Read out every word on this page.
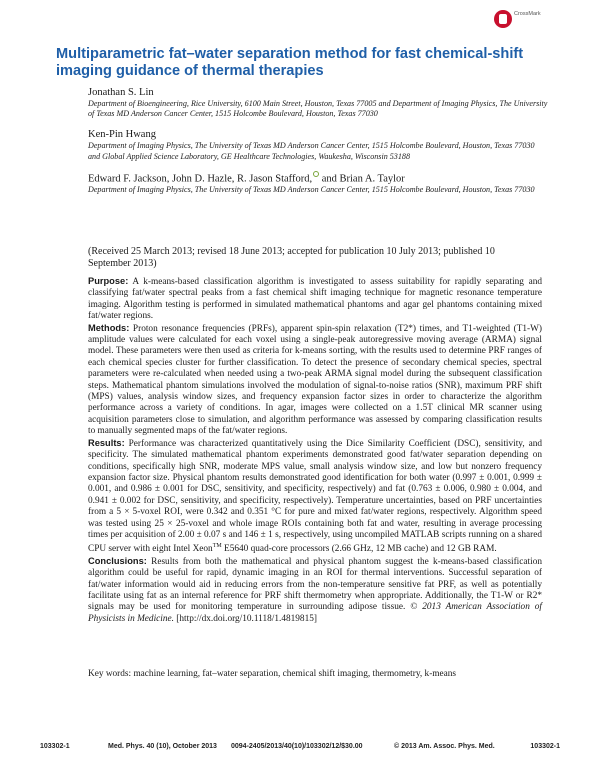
CrossMark
Multiparametric fat–water separation method for fast chemical-shift imaging guidance of thermal therapies
Jonathan S. Lin
Department of Bioengineering, Rice University, 6100 Main Street, Houston, Texas 77005 and Department of Imaging Physics, The University of Texas MD Anderson Cancer Center, 1515 Holcombe Boulevard, Houston, Texas 77030
Ken-Pin Hwang
Department of Imaging Physics, The University of Texas MD Anderson Cancer Center, 1515 Holcombe Boulevard, Houston, Texas 77030 and Global Applied Science Laboratory, GE Healthcare Technologies, Waukesha, Wisconsin 53188
Edward F. Jackson, John D. Hazle, R. Jason Stafford, and Brian A. Taylor
Department of Imaging Physics, The University of Texas MD Anderson Cancer Center, 1515 Holcombe Boulevard, Houston, Texas 77030
(Received 25 March 2013; revised 18 June 2013; accepted for publication 10 July 2013; published 10 September 2013)

Purpose: A k-means-based classification algorithm is investigated to assess suitability for rapidly separating and classifying fat/water spectral peaks from a fast chemical shift imaging technique for magnetic resonance temperature imaging. Algorithm testing is performed in simulated mathematical phantoms and agar gel phantoms containing mixed fat/water regions.

Methods: Proton resonance frequencies (PRFs), apparent spin-spin relaxation (T2*) times, and T1-weighted (T1-W) amplitude values were calculated for each voxel using a single-peak autoregressive moving average (ARMA) signal model. These parameters were then used as criteria for k-means sorting, with the results used to determine PRF ranges of each chemical species cluster for further classification. To detect the presence of secondary chemical species, spectral parameters were re-calculated when needed using a two-peak ARMA signal model during the subsequent classification steps. Mathematical phantom simulations involved the modulation of signal-to-noise ratios (SNR), maximum PRF shift (MPS) values, analysis window sizes, and frequency expansion factor sizes in order to characterize the algorithm performance across a variety of conditions. In agar, images were collected on a 1.5T clinical MR scanner using acquisition parameters close to simulation, and algorithm performance was assessed by comparing classification results to manually segmented maps of the fat/water regions.

Results: Performance was characterized quantitatively using the Dice Similarity Coefficient (DSC), sensitivity, and specificity. The simulated mathematical phantom experiments demonstrated good fat/water separation depending on conditions, specifically high SNR, moderate MPS value, small analysis window size, and low but nonzero frequency expansion factor size. Physical phantom results demonstrated good identification for both water (0.997 ± 0.001, 0.999 ± 0.001, and 0.986 ± 0.001 for DSC, sensitivity, and specificity, respectively) and fat (0.763 ± 0.006, 0.980 ± 0.004, and 0.941 ± 0.002 for DSC, sensitivity, and specificity, respectively). Temperature uncertainties, based on PRF uncertainties from a 5 × 5-voxel ROI, were 0.342 and 0.351 °C for pure and mixed fat/water regions, respectively. Algorithm speed was tested using 25 × 25-voxel and whole image ROIs containing both fat and water, resulting in average processing times per acquisition of 2.00 ± 0.07 s and 146 ± 1 s, respectively, using uncompiled MATLAB scripts running on a shared CPU server with eight Intel Xeon™ E5640 quad-core processors (2.66 GHz, 12 MB cache) and 12 GB RAM.

Conclusions: Results from both the mathematical and physical phantom suggest the k-means-based classification algorithm could be useful for rapid, dynamic imaging in an ROI for thermal interventions. Successful separation of fat/water information would aid in reducing errors from the non-temperature sensitive fat PRF, as well as potentially facilitate using fat as an internal reference for PRF shift thermometry when appropriate. Additionally, the T1-W or R2* signals may be used for monitoring temperature in surrounding adipose tissue. © 2013 American Association of Physicists in Medicine. [http://dx.doi.org/10.1118/1.4819815]

Key words: machine learning, fat–water separation, chemical shift imaging, thermometry, k-means
103302-1	Med. Phys. 40 (10), October 2013 0094-2405/2013/40(10)/103302/12/$30.00	© 2013 Am. Assoc. Phys. Med.	103302-1
